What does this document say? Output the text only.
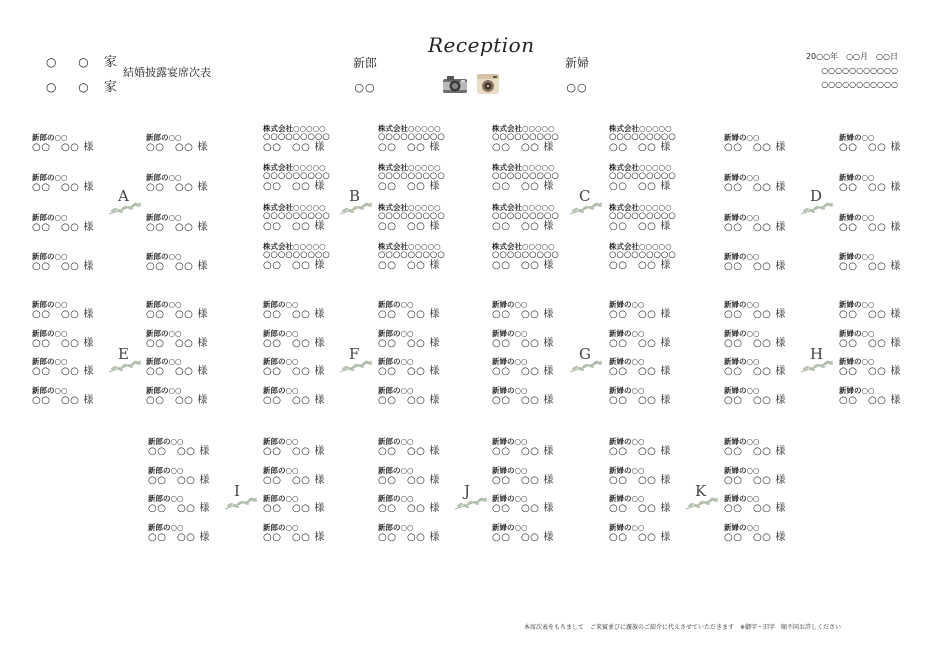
○ ○ 家
○ ○ 家
結婚披露宴席次表
新郎
○○
新婦
○○
Reception	20○○年　○○月　○○日
○○○○○○○○○○○
○○○○○○○○○○○
新郎の○○
○○　○○ 様
新郎の○○
○○　○○ 様
新郎の○○
○○　○○ 様
新郎の○○
○○　○○ 様
新郎の○○
○○　○○ 様
新郎の○○
○○　○○ 様
新郎の○○
○○　○○ 様
新郎の○○
○○　○○ 様
A
株式会社○○○○○
○○○○○○○○○
○○　○○ 様
株式会社○○○○○
○○○○○○○○○
○○　○○ 様
株式会社○○○○○
○○○○○○○○○
○○　○○ 様
株式会社○○○○○
○○○○○○○○○
○○　○○ 様
株式会社○○○○○
○○○○○○○○○
○○　○○ 様
株式会社○○○○○
○○○○○○○○○
○○　○○ 様
株式会社○○○○○
○○○○○○○○○
○○　○○ 様
株式会社○○○○○
○○○○○○○○○
○○　○○ 様
B
株式会社○○○○○
○○○○○○○○○
○○　○○ 様
株式会社○○○○○
○○○○○○○○○
○○　○○ 様
株式会社○○○○○
○○○○○○○○○
○○　○○ 様
株式会社○○○○○
○○○○○○○○○
○○　○○ 様
株式会社○○○○○
○○○○○○○○○
○○　○○ 様
株式会社○○○○○
○○○○○○○○○
○○　○○ 様
株式会社○○○○○
○○○○○○○○○
○○　○○ 様
株式会社○○○○○
○○○○○○○○○
○○　○○ 様
C
新婦の○○
○○　○○ 様
新婦の○○
○○　○○ 様
新婦の○○
○○　○○ 様
新婦の○○
○○　○○ 様
新婦の○○
○○　○○ 様
新婦の○○
○○　○○ 様
新婦の○○
○○　○○ 様
新婦の○○
○○　○○ 様
D
新郎の○○
○○　○○ 様
新郎の○○
○○　○○ 様
新郎の○○
○○　○○ 様
新郎の○○
○○　○○ 様
新郎の○○
○○　○○ 様
新郎の○○
○○　○○ 様
新郎の○○
○○　○○ 様
新郎の○○
○○　○○ 様
E
新郎の○○
○○　○○ 様
新郎の○○
○○　○○ 様
新郎の○○
○○　○○ 様
新郎の○○
○○　○○ 様
新郎の○○
○○　○○ 様
新郎の○○
○○　○○ 様
新郎の○○
○○　○○ 様
新郎の○○
○○　○○ 様
F
新婦の○○
○○　○○ 様
新婦の○○
○○　○○ 様
新婦の○○
○○　○○ 様
新婦の○○
○○　○○ 様
新婦の○○
○○　○○ 様
新婦の○○
○○　○○ 様
新婦の○○
○○　○○ 様
新婦の○○
○○　○○ 様
G
新婦の○○
○○　○○ 様
新婦の○○
○○　○○ 様
新婦の○○
○○　○○ 様
新婦の○○
○○　○○ 様
新婦の○○
○○　○○ 様
新婦の○○
○○　○○ 様
新婦の○○
○○　○○ 様
新婦の○○
○○　○○ 様
H
新郎の○○
○○　○○ 様
新郎の○○
○○　○○ 様
新郎の○○
○○　○○ 様
新郎の○○
○○　○○ 様
新郎の○○
○○　○○ 様
新郎の○○
○○　○○ 様
新郎の○○
○○　○○ 様
新郎の○○
○○　○○ 様
I
新郎の○○
○○　○○ 様
新郎の○○
○○　○○ 様
新郎の○○
○○　○○ 様
新郎の○○
○○　○○ 様
新婦の○○
○○　○○ 様
新婦の○○
○○　○○ 様
新婦の○○
○○　○○ 様
新婦の○○
○○　○○ 様
J
新婦の○○
○○　○○ 様
新婦の○○
○○　○○ 様
新婦の○○
○○　○○ 様
新婦の○○
○○　○○ 様
新婦の○○
○○　○○ 様
新婦の○○
○○　○○ 様
新婦の○○
○○　○○ 様
新婦の○○
○○　○○ 様
K
本席次表をもちまして　ご来賓並びに親族のご紹介に代えさせていただきます　※御字・旧字　順不同お許しください
